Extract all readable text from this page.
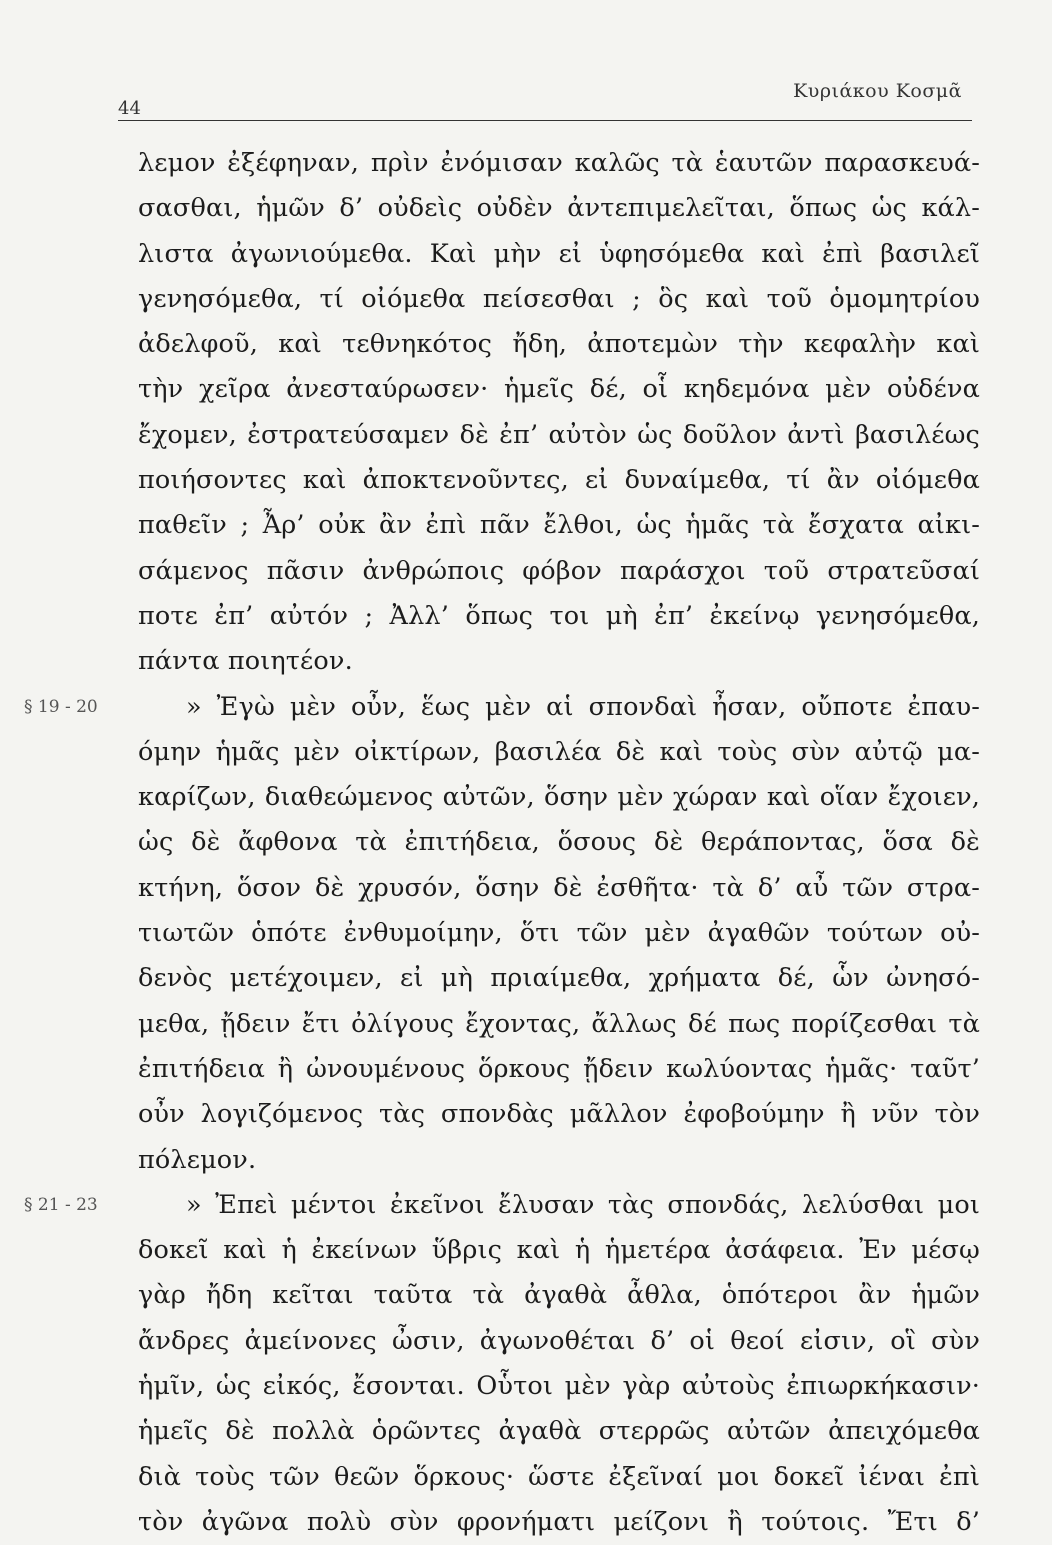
44
Κυριάκου Κοσμᾶ
λεμον ἐξέφηναν, πρὶν ἐνόμισαν καλῶς τὰ ἑαυτῶν παρασκευά-
σασθαι, ἡμῶν δ’ οὐδεὶς οὐδὲν ἀντεπιμελεῖται, ὅπως ὡς κάλ-
λιστα ἀγωνιούμεθα. Καὶ μὴν εἰ ὑφησόμεθα καὶ ἐπὶ βασιλεῖ
γενησόμεθα, τί οἰόμεθα πείσεσθαι ; ὃς καὶ τοῦ ὁμομητρίου
ἀδελφοῦ, καὶ τεθνηκότος ἤδη, ἀποτεμὼν τὴν κεφαλὴν καὶ
τὴν χεῖρα ἀνεσταύρωσεν· ἡμεῖς δέ, οἷ κηδεμόνα μὲν οὐδένα
ἔχομεν, ἐστρατεύσαμεν δὲ ἐπ’ αὐτὸν ὡς δοῦλον ἀντὶ βασιλέως
ποιήσοντες καὶ ἀποκτενοῦντες, εἰ δυναίμεθα, τί ἂν οἰόμεθα
παθεῖν ; Ἆρ’ οὐκ ἂν ἐπὶ πᾶν ἔλθοι, ὡς ἡμᾶς τὰ ἔσχατα αἰκι-
σάμενος πᾶσιν ἀνθρώποις φόβον παράσχοι τοῦ στρατεῦσαί
ποτε ἐπ’ αὐτόν ; Ἀλλ’ ὅπως τοι μὴ ἐπ’ ἐκείνῳ γενησόμεθα,
πάντα ποιητέον.
§ 19 - 20	» Ἐγὼ μὲν οὖν, ἕως μὲν αἱ σπονδαὶ ἦσαν, οὔποτε ἐπαυ-
όμην ἡμᾶς μὲν οἰκτίρων, βασιλέα δὲ καὶ τοὺς σὺν αὐτῷ μα-
καρίζων, διαθεώμενος αὐτῶν, ὅσην μὲν χώραν καὶ οἵαν ἔχοιεν,
ὡς δὲ ἄφθονα τὰ ἐπιτήδεια, ὅσους δὲ θεράποντας, ὅσα δὲ
κτήνη, ὅσον δὲ χρυσόν, ὅσην δὲ ἐσθῆτα· τὰ δ’ αὖ τῶν στρα-
τιωτῶν ὁπότε ἐνθυμοίμην, ὅτι τῶν μὲν ἀγαθῶν τούτων οὐ-
δενὸς μετέχοιμεν, εἰ μὴ πριαίμεθα, χρήματα δέ, ὧν ὠνησό-
μεθα, ᾔδειν ἔτι ὀλίγους ἔχοντας, ἄλλως δέ πως πορίζεσθαι τὰ
ἐπιτήδεια ἢ ὠνουμένους ὅρκους ᾔδειν κωλύοντας ἡμᾶς· ταῦτ’
οὖν λογιζόμενος τὰς σπονδὰς μᾶλλον ἐφοβούμην ἢ νῦν τὸν
πόλεμον.
§ 21 - 23	» Ἐπεὶ μέντοι ἐκεῖνοι ἔλυσαν τὰς σπονδάς, λελύσθαι μοι
δοκεῖ καὶ ἡ ἐκείνων ὕβρις καὶ ἡ ἡμετέρα ἀσάφεια. Ἐν μέσῳ
γὰρ ἤδη κεῖται ταῦτα τὰ ἀγαθὰ ἆθλα, ὁπότεροι ἂν ἡμῶν
ἄνδρες ἀμείνονες ὦσιν, ἀγωνοθέται δ’ οἱ θεοί εἰσιν, οἳ σὺν
ἡμῖν, ὡς εἰκός, ἔσονται. Οὗτοι μὲν γὰρ αὐτοὺς ἐπιωρκήκασιν·
ἡμεῖς δὲ πολλὰ ὁρῶντες ἀγαθὰ στερρῶς αὐτῶν ἀπειχόμεθα
διὰ τοὺς τῶν θεῶν ὅρκους· ὥστε ἐξεῖναί μοι δοκεῖ ἰέναι ἐπὶ
τὸν ἀγῶνα πολὺ σὺν φρονήματι μείζονι ἢ τούτοις. Ἔτι δ’
